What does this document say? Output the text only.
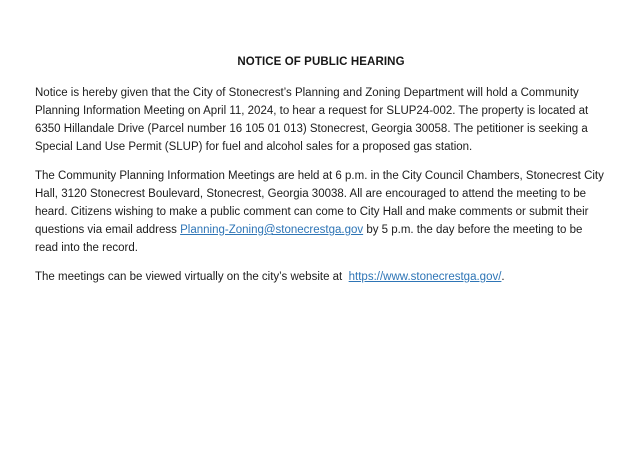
NOTICE OF PUBLIC HEARING

Notice is hereby given that the City of Stonecrest’s Planning and Zoning Department will hold a Community Planning Information Meeting on April 11, 2024, to hear a request for SLUP24-002. The property is located at 6350 Hillandale Drive (Parcel number 16 105 01 013) Stonecrest, Georgia 30058. The petitioner is seeking a Special Land Use Permit (SLUP) for fuel and alcohol sales for a proposed gas station.

The Community Planning Information Meetings are held at 6 p.m. in the City Council Chambers, Stonecrest City Hall, 3120 Stonecrest Boulevard, Stonecrest, Georgia 30038. All are encouraged to attend the meeting to be heard. Citizens wishing to make a public comment can come to City Hall and make comments or submit their questions via email address Planning-Zoning@stonecrestga.gov by 5 p.m. the day before the meeting to be read into the record.

The meetings can be viewed virtually on the city’s website at  https://www.stonecrestga.gov/.
